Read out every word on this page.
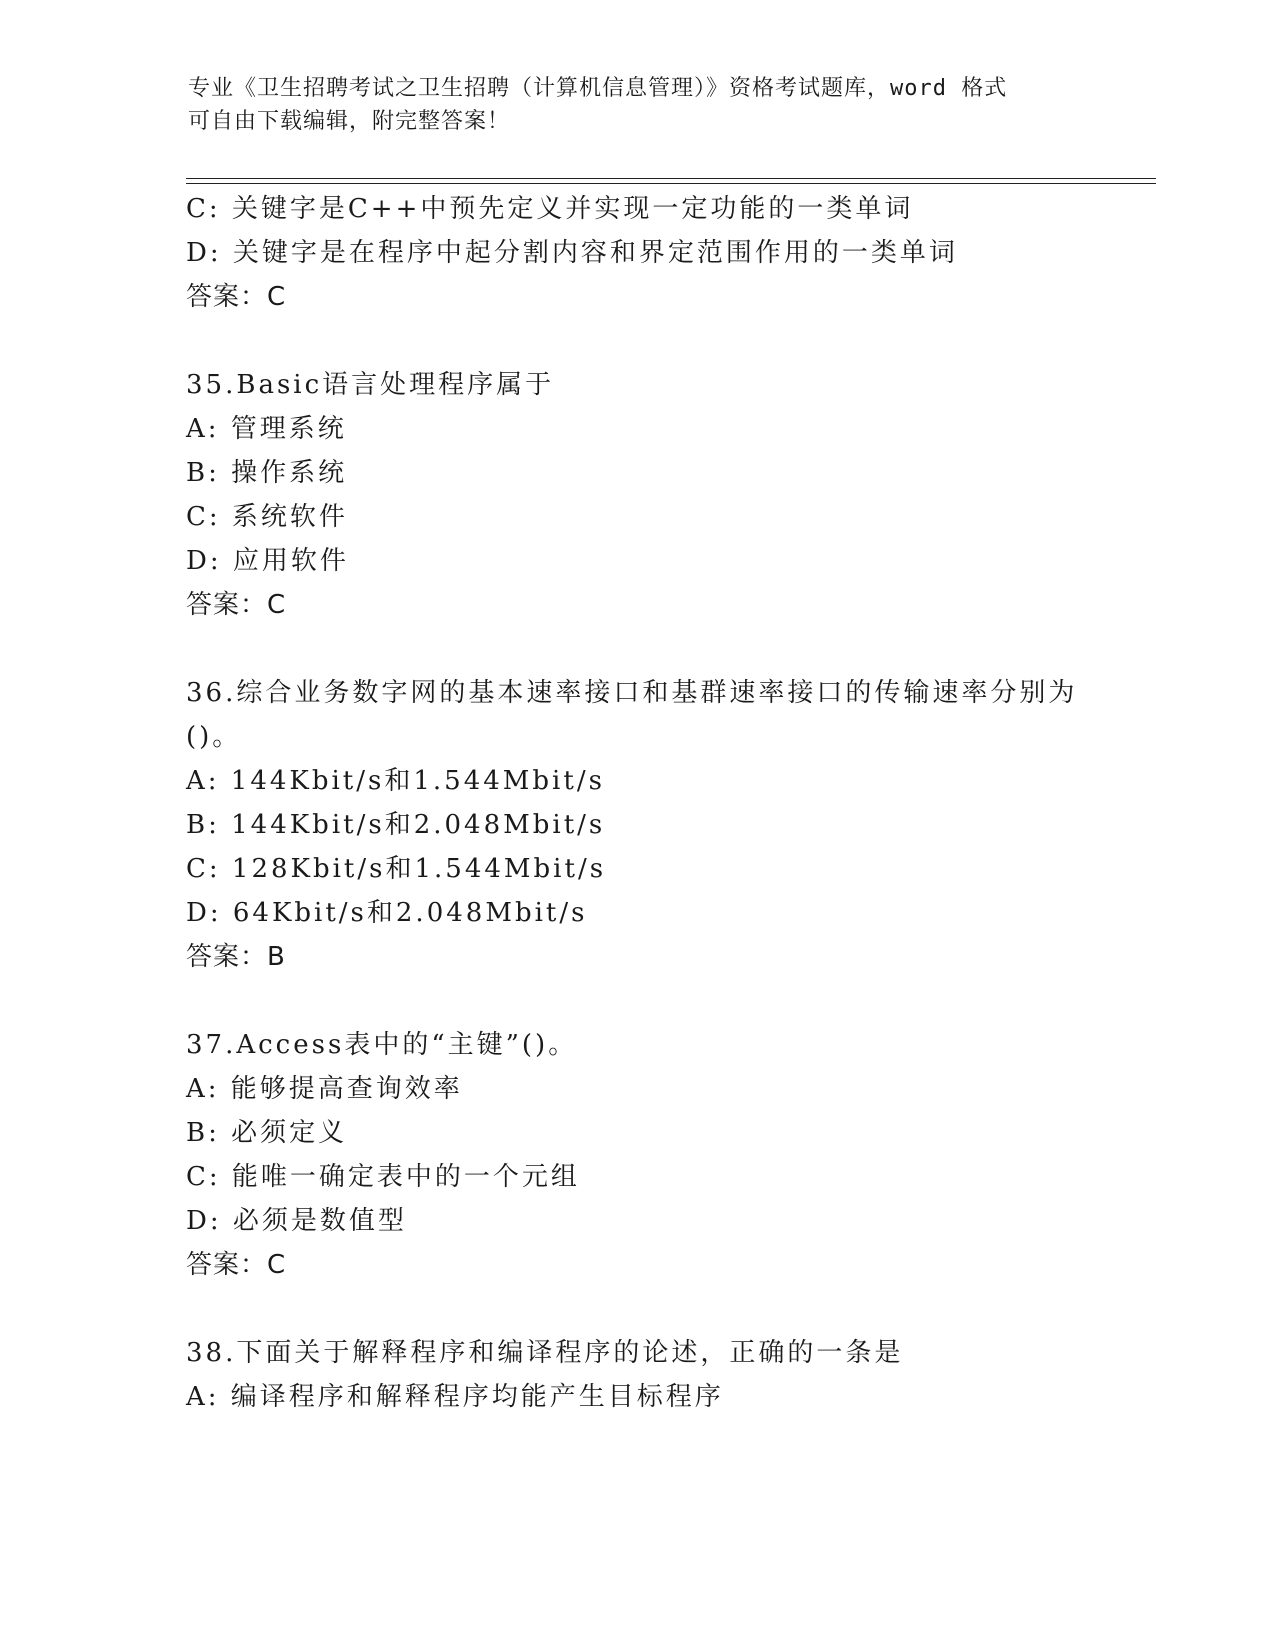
专业《卫生招聘考试之卫生招聘（计算机信息管理）》资格考试题库，word 格式
可自由下载编辑，附完整答案！
C: 关键字是C++中预先定义并实现一定功能的一类单词
D: 关键字是在程序中起分割内容和界定范围作用的一类单词
答案：C
35.Basic语言处理程序属于
A: 管理系统
B: 操作系统
C: 系统软件
D: 应用软件
答案：C
36.综合业务数字网的基本速率接口和基群速率接口的传输速率分别为
()。
A: 144Kbit/s和1.544Mbit/s
B: 144Kbit/s和2.048Mbit/s
C: 128Kbit/s和1.544Mbit/s
D: 64Kbit/s和2.048Mbit/s
答案：B
37.Access表中的“主键”()。
A: 能够提高查询效率
B: 必须定义
C: 能唯一确定表中的一个元组
D: 必须是数值型
答案：C
38.下面关于解释程序和编译程序的论述，正确的一条是
A: 编译程序和解释程序均能产生目标程序
